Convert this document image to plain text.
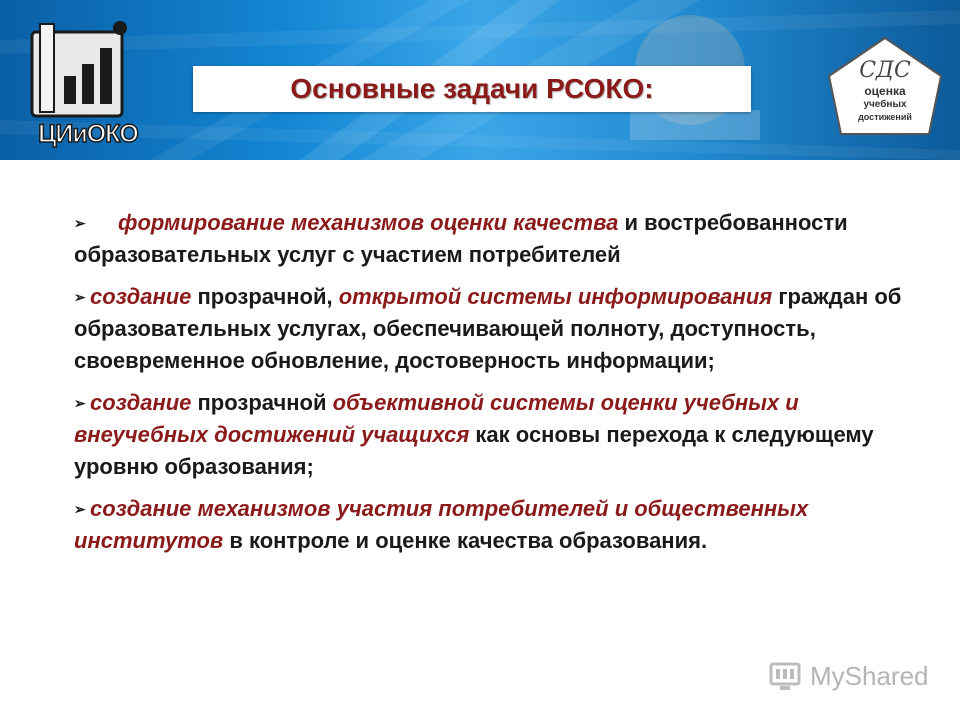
ЦИиОКО
Основные задачи РСОКО:
CДC
оценка
учебных
достижений
➢ формирование механизмов оценки качества и востребованности образовательных услуг с участием потребителей
➢ создание прозрачной, открытой системы информирования граждан об образовательных услугах, обеспечивающей полноту, доступность, своевременное обновление, достоверность информации;
➢ создание прозрачной объективной системы оценки учебных и внеучебных достижений учащихся как основы перехода к следующему уровню образования;
➢ создание механизмов участия потребителей и общественных институтов в контроле и оценке качества образования.
MyShared
